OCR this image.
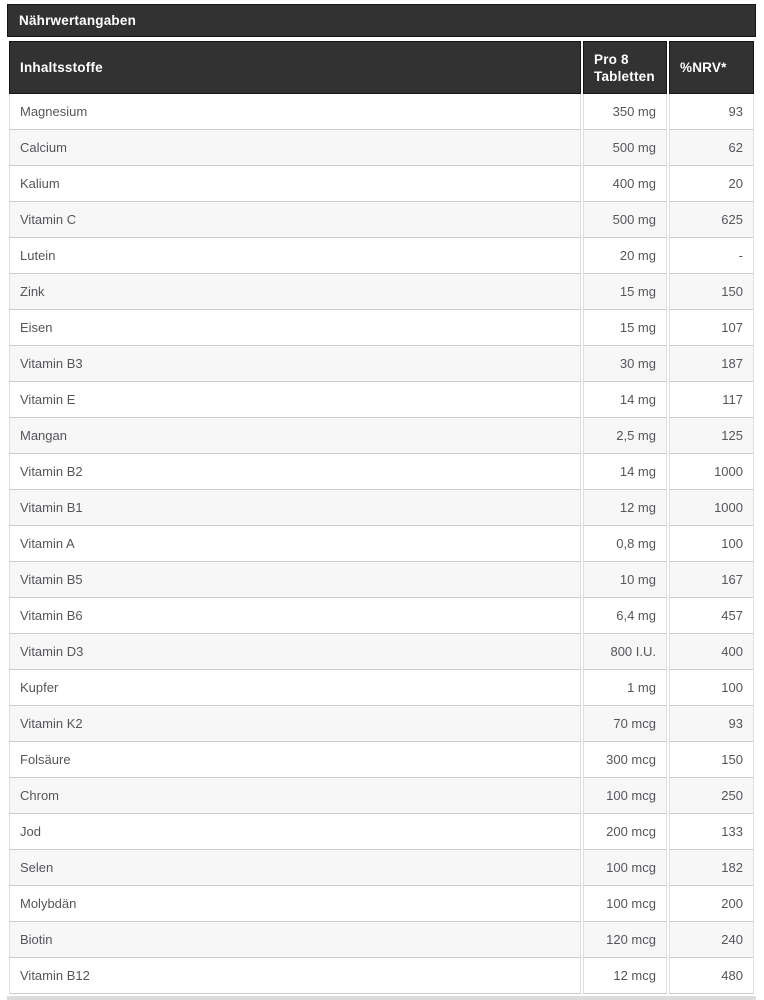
Nährwertangaben
Inhaltsstoffe	Pro 8 Tabletten	%NRV*
Magnesium	350 mg	93
Calcium	500 mg	62
Kalium	400 mg	20
Vitamin C	500 mg	625
Lutein	20 mg	-
Zink	15 mg	150
Eisen	15 mg	107
Vitamin B3	30 mg	187
Vitamin E	14 mg	117
Mangan	2,5 mg	125
Vitamin B2	14 mg	1000
Vitamin B1	12 mg	1000
Vitamin A	0,8 mg	100
Vitamin B5	10 mg	167
Vitamin B6	6,4 mg	457
Vitamin D3	800 I.U.	400
Kupfer	1 mg	100
Vitamin K2	70 mcg	93
Folsäure	300 mcg	150
Chrom	100 mcg	250
Jod	200 mcg	133
Selen	100 mcg	182
Molybdän	100 mcg	200
Biotin	120 mcg	240
Vitamin B12	12 mcg	480
